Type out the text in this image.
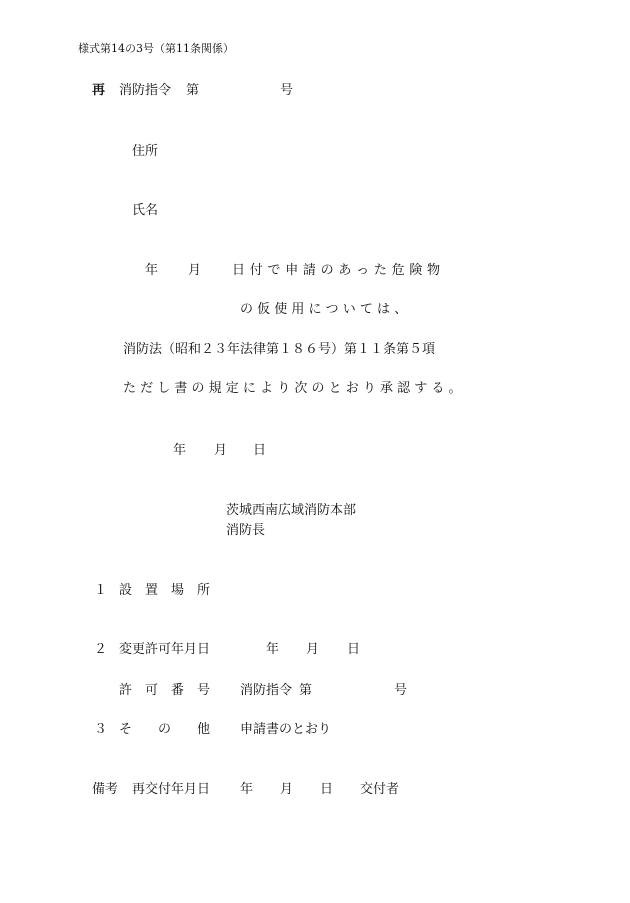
様式第14の3号（第11条関係）
再 消防指令 第	号
住所
氏名
年 月 日 付 で 申 請 の あ っ た 危 険 物
の 仮 使 用 に つ い て は 、
消防法（昭和２３年法律第１８６号）第１１条第５項
た だ し 書 の 規 定 に よ り 次 の と お り 承 認 す る 。
年 月 日
茨城西南広域消防本部
消防長
１ 設　置　場　所
２ 変更許可年月日	年 月 日
許　可　番　号 消防指令 第	号
３ そ　　の　　他 申請書のとおり
備考 再交付年月日 年 月 日 交付者
